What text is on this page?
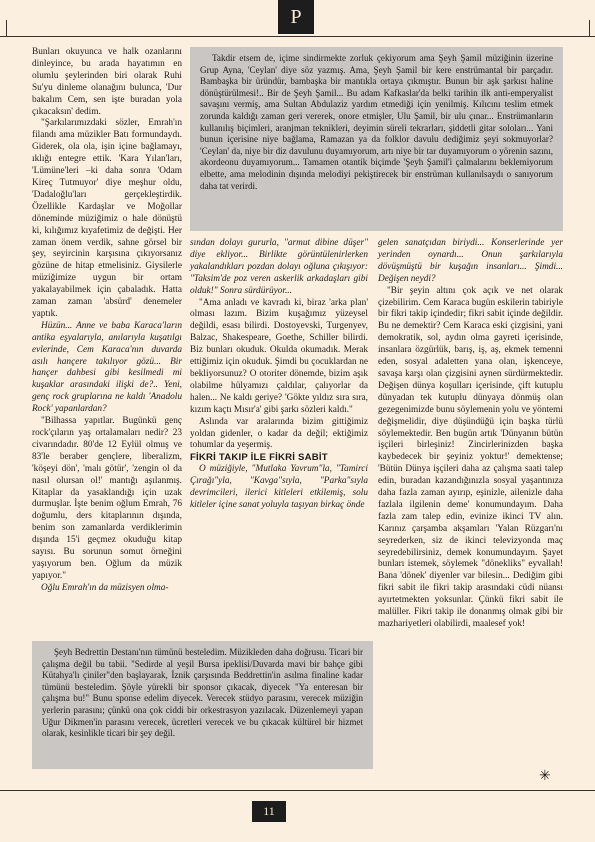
P

Bunları okuyunca ve halk ozanlarını dinleyince, bu arada hayatımın en olumlu şeylerinden biri olarak Ruhi Su'yu dinleme olanağını bulunca, 'Dur bakalım Cem, sen işte buradan yola çıkacaksın' dedim.

"Şarkılarımızdaki sözler, Emrah'ın filandı ama müzikler Batı formundaydı. Giderek, ola ola, işin içine bağlamayı, ıklığı entegre ettik. 'Kara Yılan'ları, 'Lümüne'leri –ki daha sonra 'Odam Kireç Tutmuyor' diye meşhur oldu, 'Dadaloğlu'ları gerçekleştirdik. Özellikle Kardaşlar ve Moğollar döneminde müziğimiz o hale dönüştü ki, kılığımız kıyafetimiz de değişti. Her zaman önem verdik, sahne görsel bir şey, seyircinin karşısına çıkıyorsanız gözüne de hitap etmelisiniz. Giysilerle müziğimize uygun bir ortam yakalayabilmek için çabaladık. Hatta zaman zaman 'absürd' denemeler yaptık.

Hüzün... Anne ve baba Karaca'ların antika eşyalarıyla, anılarıyla kuşatılgı evlerinde, Cem Karaca'nın duvarda asılı hançere takılıyor gözü... Bir hançer dahbesi gibi kesilmedi mi kuşaklar arasındaki ilişki de?.. Yeni, genç rock gruplarına ne kaldı 'Anadolu Rock' yapanlardan?

"Bilhassa yapıtlar. Bugünkü genç rock'çıların yaş ortalamaları nedir? 23 civarındadır. 80'de 12 Eylül olmuş ve 83'le beraber gençlere, liberalizm, 'köşeyi dön', 'malı götür', 'zengin ol da nasıl olursan ol!' mantığı aşılanmış. Kitaplar da yasaklandığı için uzak durmuşlar. İşte benim oğlum Emrah, 76 doğumlu, ders kitaplarının dışında, benim son zamanlarda verdiklerimin dışında 15'i geçmez okuduğu kitap sayısı. Bu sorunun somut örneğini yaşıyorum ben. Oğlum da müzik yapıyor."

Oğlu Emrah'ın da müzisyen olma-

Takdir etsem de, içime sindirmekte zorluk çekiyorum ama Şeyh Şamil müziğinin üzerine Grup Ayna, 'Ceylan' diye söz yazmış. Ama, Şeyh Şamil bir kere enstrümantal bir parçadır. Bambaşka bir üründür, bambaşka bir mantıkla ortaya çıkmıştır. Bunun bir aşk şarkısı haline dönüştürülmesi!.. Bir de Şeyh Şamil... Bu adam Kafkaslar'da belki tarihin ilk anti-emperyalist savaşını vermiş, ama Sultan Abdulaziz yardım etmediği için yenilmiş. Kılıcını teslim etmek zorunda kaldığı zaman geri vererek, onore etmişler, Ulu Şamil, bir ulu çınar... Enstrümanların kullanılış biçimleri, aranjman teknikleri, deyimin süreli tekrarları, şiddetli gitar soloları... Yani bunun içerisine niye bağlama, Ramazan ya da folklor davulu dediğimiz şeyi sokmuyorlar? 'Ceylan' da, niye bir diz davulunu duyamıyorum, artı niye bir tar duyamıyorum o yörenin sazını, akordeonu duyamıyorum... Tamamen otantik biçimde 'Şeyh Şamil'i çalmalarını beklemiyorum elbette, ama melodinin dışında melodiyi pekiştirecek bir enstrüman kullanılsaydı o sanıyorum daha tat verirdi.

sından dolayı gururla, "armut dibine düşer" diye ekliyor... Birlikte görüntülenirlerken yakalandıkları pozdan dolayı oğluna çıkışıyor: "Taksim'de poz veren askerlik arkadaşları gibi olduk!" Sonra sürdürüyor...

"Ama anladı ve kavradı ki, biraz 'arka plan' olması lazım. Bizim kuşağımız yüzeysel değildi, esası bilirdi. Dostoyevski, Turgenyev, Balzac, Shakespeare, Goethe, Schiller bilirdi. Biz bunları okuduk. Okulda okumadık. Merak ettiğimiz için okuduk. Şimdi bu çocuklardan ne bekliyorsunuz? O otoriter dönemde, bizim aşık olabilme hülyamızı çaldılar, çalıyorlar da halen... Ne kaldı geriye? 'Gökte yıldız sıra sıra, kızım kaçtı Mısır'a' gibi şarkı sözleri kaldı."

Aslında var aralarında bizim gittiğimiz yoldan gidenler, o kadar da değil; ektiğimiz tohumlar da yeşermiş.

FİKRİ TAKIP İLE FİKRİ SABİT

O müziğiyle, "Mutlaka Yavrum"la, "Tamirci Çırağı"yla, "Kavga"sıyla, "Parka"sıyla devrimcileri, ilerici kitleleri etkilemiş, solu kitleler içine sanat yoluyla taşıyan birkaç önde

gelen sanatçıdan biriydi... Konserlerinde yer yerinden oynardı... Onun şarkılarıyla dövüşmüştü bir kuşağın insanları... Şimdi... Değişen neydi?

"Bir şeyin altını çok açık ve net olarak çizebilirim. Cem Karaca bugün eskilerin tabiriyle bir fikri takip içindedir; fikri sabit içinde değildir. Bu ne demektir? Cem Karaca eski çizgisini, yani demokratik, sol, aydın olma gayreti içerisinde, insanlara özgürlük, barış, iş, aş, ekmek temenni eden, sosyal adaletten yana olan, işkenceye, savaşa karşı olan çizgisini aynen sürdürmektedir. Değişen dünya koşulları içerisinde, çift kutuplu dünyadan tek kutuplu dünyaya dönmüş olan gezegenimizde bunu söylemenin yolu ve yöntemi değişmelidir, diye düşündüğü için başka türlü söylemektedir. Ben bugün artık 'Dünyanın bütün işçileri birleşiniz! Zincirlerinizden başka kaybedecek bir şeyiniz yoktur!' demektense; 'Bütün Dünya işçileri daha az çalışma saati talep edin, buradan kazandığınızla sosyal yaşantınıza daha fazla zaman ayırıp, eşinizle, ailenizle daha fazlala ilgilenin deme' konumundayım. Daha fazla zam talep edin, evinize ikinci TV alın. Karınız çarşamba akşamları 'Yalan Rüzgarı'nı seyrederken, siz de ikinci televizyonda maç seyredebilirsiniz, demek konumundayım. Şayet bunları istemek, söylemek "dönekliks" eyvallah! Bana 'dönek' diyenler var bilesin... Dediğim gibi fikri sabit ile fikri takip arasındaki cüdi nüansı ayırtetmekten yoksunlar. Çünkü fikri sabit ile malüller. Fikri takip ile donanmış olmak gibi bir mazhariyetleri olabilirdi, maalesef yok!

Şeyh Bedrettin Destanı'nın tümünü besteledim. Müzikleden daha doğrusu. Ticari bir çalışma değil bu tabii. "Sedirde al yeşil Bursa ipeklisi/Duvarda mavi bir bahçe gibi Kütahya'lı çiniler"den başlayarak, İznik çarşısında Beddrettin'in asılma finaline kadar tümünü besteledim. Şöyle yürekli bir sponsor çıkacak, diyecek "Ya enteresan bir çalışma bu!" Bunu sponse edelim diyecek. Verecek stüdyo parasını, verecek müziğin yerlerin parasını; çünkü ona çok ciddi bir orkestrasyon yazılacak. Düzenlemeyi yapan Uğur Dikmen'in parasını verecek, ücretleri verecek ve bu çıkacak kültürel bir hizmet olarak, kesinlikle ticari bir şey değil.

✳
11
